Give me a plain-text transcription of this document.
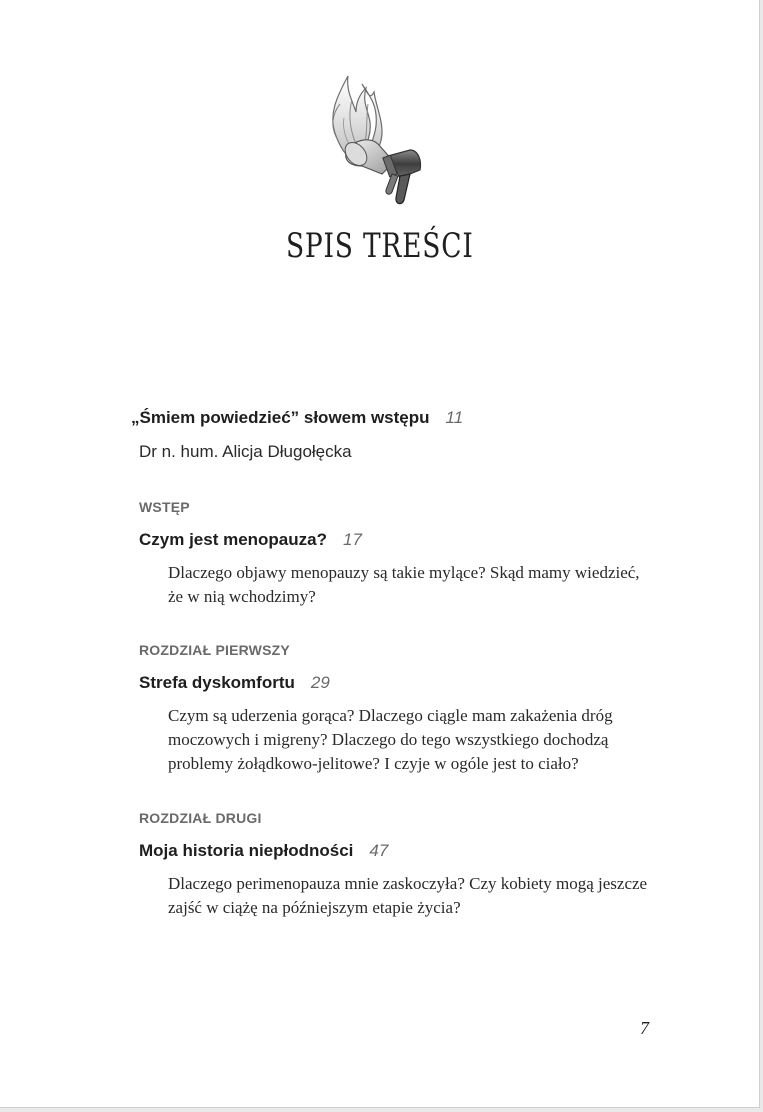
SPIS TREŚCI

„Śmiem powiedzieć” słowem wstępu 11

Dr n. hum. Alicja Długołęcka

WSTĘP

Czym jest menopauza? 17

Dlaczego objawy menopauzy są takie mylące? Skąd mamy wiedzieć,
że w nią wchodzimy?

ROZDZIAŁ PIERWSZY

Strefa dyskomfortu 29

Czym są uderzenia gorąca? Dlaczego ciągle mam zakażenia dróg
moczowych i migreny? Dlaczego do tego wszystkiego dochodzą
problemy żołądkowo-jelitowe? I czyje w ogóle jest to ciało?

ROZDZIAŁ DRUGI

Moja historia niepłodności 47

Dlaczego perimenopauza mnie zaskoczyła? Czy kobiety mogą jeszcze
zajść w ciążę na późniejszym etapie życia?
7
